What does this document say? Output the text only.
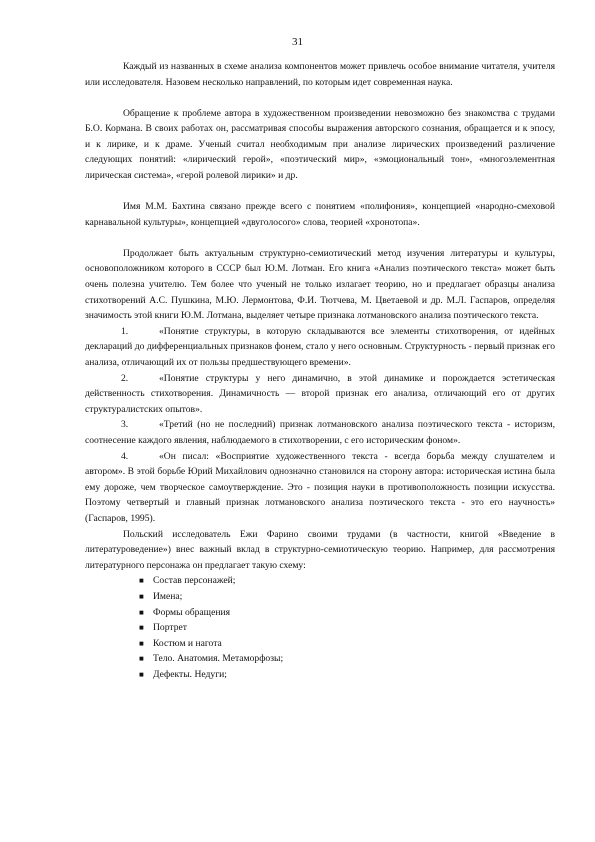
31

Каждый из названных в схеме анализа компонентов может привлечь особое внимание читателя, учителя или исследователя. Назовем несколько направлений, по которым идет современная наука.

Обращение к проблеме автора в художественном произведении невозможно без знакомства с трудами Б.О. Кормана. В своих работах он, рассматривая способы выражения авторского сознания, обращается и к эпосу, и к лирике, и к драме. Ученый считал необходимым при анализе лирических произведений различение следующих понятий: «лирический герой», «поэтический мир», «эмоциональный тон», «многоэлементная лирическая система», «герой ролевой лирики» и др.

Имя М.М. Бахтина связано прежде всего с понятием «полифония», концепцией «народно-смеховой карнавальной культуры», концепцией «двуголосого» слова, теорией «хронотопа».

Продолжает быть актуальным структурно-семиотический метод изучения литературы и культуры, основоположником которого в СССР был Ю.М. Лотман. Его книга «Анализ поэтического текста» может быть очень полезна учителю. Тем более что ученый не только излагает теорию, но и предлагает образцы анализа стихотворений А.С. Пушкина, М.Ю. Лермонтова, Ф.И. Тютчева, М. Цветаевой и др. М.Л. Гаспаров, определяя значимость этой книги Ю.М. Лотмана, выделяет четыре признака лотмановского анализа поэтического текста.

1.	«Понятие структуры, в которую складываются все элементы стихотворения, от идейных деклараций до дифференциальных признаков фонем, стало у него основным. Структурность - первый признак его анализа, отличающий их от пользы предшествующего времени».

2.	«Понятие структуры у него динамично, в этой динамике и порождается эстетическая действенность стихотворения. Динамичность — второй признак его анализа, отличающий его от других структуралистских опытов».

3.	«Третий (но не последний) признак лотмановского анализа поэтического текста - историзм, соотнесение каждого явления, наблюдаемого в стихотворении, с его историческим фоном».

4.	«Он писал: «Восприятие художественного текста - всегда борьба между слушателем и автором». В этой борьбе Юрий Михайлович однозначно становился на сторону автора: историческая истина была ему дороже, чем творческое самоутверждение. Это - позиция науки в противоположность позиции искусства. Поэтому четвертый и главный признак лотмановского анализа поэтического текста - это его научность» (Гаспаров, 1995).

Польский исследователь Ежи Фарино своими трудами (в частности, книгой «Введение в литературоведение») внес важный вклад в структурно-семиотическую теорию. Например, для рассмотрения литературного персонажа он предлагает такую схему:

■ Состав персонажей;
■ Имена;
■ Формы обращения
■ Портрет
■ Костюм и нагота
■ Тело. Анатомия. Метаморфозы;
■ Дефекты. Недуги;
